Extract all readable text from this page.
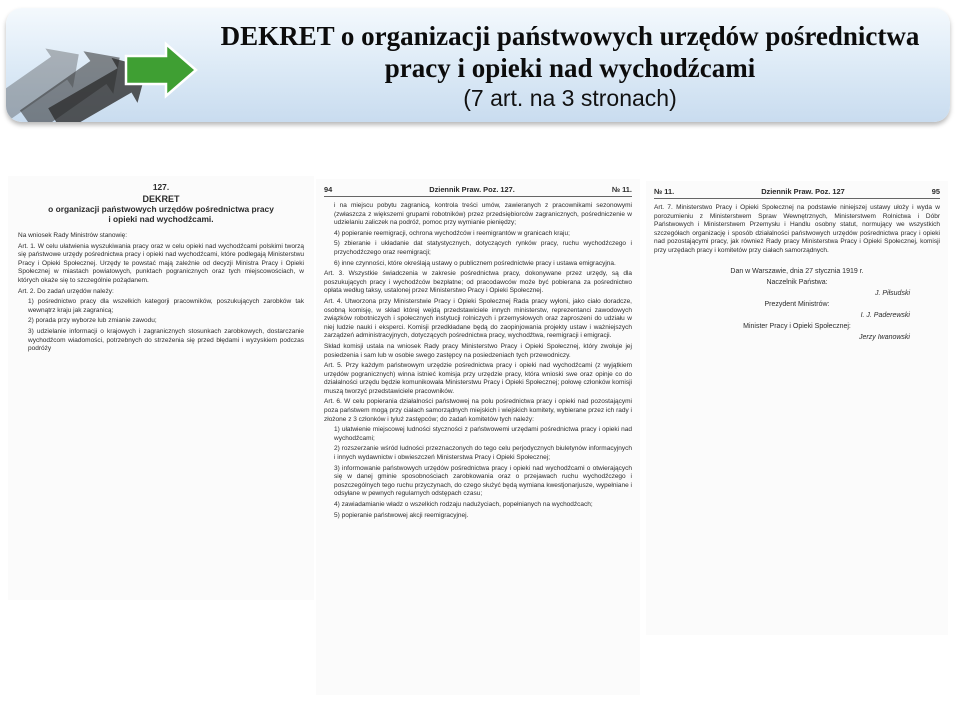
DEKRET o organizacji państwowych urzędów pośrednictwa pracy i opieki nad wychodźcami
(7 art. na 3 stronach)
127.
DEKRET
o organizacji państwowych urzędów pośrednictwa pracy
i opieki nad wychodźcami.
Na wniosek Rady Ministrów stanowię:
Art. 1. W celu ułatwienia wyszukiwania pracy oraz w celu opieki nad wychodźcami polskimi tworzą się państwowe urzędy pośrednictwa pracy i opieki nad wychodźcami, które podlegają Ministerstwu Pracy i Opieki Społecznej. Urzędy te powstać mają zależnie od decyzji Ministra Pracy i Opieki Społecznej w miastach powiatowych, punktach pogranicznych oraz tych miejscowościach, w których okaże się to szczególnie pożądanem.
Art. 2. Do zadań urzędów należy:
1) pośrednictwo pracy dla wszelkich kategorji pracowników, poszukujących zarobków tak wewnątrz kraju jak zagranicą;
2) porada przy wyborze lub zmianie zawodu;
3) udzielanie informacji o krajowych i zagranicznych stosunkach zarobkowych, dostarczanie wychodźcom wiadomości, potrzebnych do strzeżenia się przed błędami i wyzyskiem podczas podróży
94	Dziennik Praw. Poz. 127.	№ 11.
i na miejscu pobytu zagranicą, kontrola treści umów, zawieranych z pracownikami sezonowymi (zwłaszcza z większemi grupami robotników) przez przedsiębiorców zagranicznych, pośredniczenie w udzielaniu zaliczek na podróż, pomoc przy wymianie pieniędzy;
4) popieranie reemigracji, ochrona wychodźców i reemigrantów w granicach kraju;
5) zbieranie i układanie dat statystycznych, dotyczących rynków pracy, ruchu wychodźczego i przychodźczego oraz reemigracji;
6) inne czynności, które określają ustawy o publicznem pośrednictwie pracy i ustawa emigracyjna.
Art. 3. Wszystkie świadczenia w zakresie pośrednictwa pracy, dokonywane przez urzędy, są dla poszukujących pracy i wychodźców bezpłatne; od pracodawców może być pobierana za pośrednictwo opłata według taksy, ustalonej przez Ministerstwo Pracy i Opieki Społecznej.
Art. 4. Utworzona przy Ministerstwie Pracy i Opieki Społecznej Rada pracy wyłoni, jako ciało doradcze, osobną komisję, w skład której wejdą przedstawiciele innych ministerstw, reprezentanci zawodowych związków robotniczych i społecznych instytucji rolniczych i przemysłowych oraz zaproszeni do udziału w niej ludzie nauki i eksperci. Komisji przedkładane będą do zaopinjowania projekty ustaw i ważniejszych zarządzeń administracyjnych, dotyczących pośrednictwa pracy, wychodźtwa, reemigracji i emigracji.
Skład komisji ustala na wniosek Rady pracy Ministerstwo Pracy i Opieki Społecznej, który zwołuje jej posiedzenia i sam lub w osobie swego zastępcy na posiedzeniach tych przewodniczy.
Art. 5. Przy każdym państwowym urzędzie pośrednictwa pracy i opieki nad wychodźcami (z wyjątkiem urzędów pogranicznych) winna istnieć komisja przy urzędzie pracy, która wnioski swe oraz opinje co do działalności urzędu będzie komunikowała Ministerstwu Pracy i Opieki Społecznej; połowę członków komisji muszą tworzyć przedstawiciele pracowników.
Art. 6. W celu popierania działalności państwowej na polu pośrednictwa pracy i opieki nad pozostającymi poza państwem mogą przy ciałach samorządnych miejskich i wiejskich komitety, wybierane przez ich rady i złożone z 3 członków i tyluż zastępców; do zadań komitetów tych należy:
1) ułatwienie miejscowej ludności styczności z państwowemi urzędami pośrednictwa pracy i opieki nad wychodźcami;
2) rozszerzanie wśród ludności przeznaczonych do tego celu perjodycznych biuletynów informacyjnych i innych wydawnictw i obwieszczeń Ministerstwa Pracy i Opieki Społecznej;
3) informowanie państwowych urzędów pośrednictwa pracy i opieki nad wychodźcami o otwierających się w danej gminie sposobnościach zarobkowania oraz o przejawach ruchu wychodźczego i poszczególnych tego ruchu przyczynach, do czego służyć będą wymiana kwestjonarjusze, wypełniane i odsyłane w pewnych regularnych odstępach czasu;
4) zawiadamianie władz o wszelkich rodzaju nadużyciach, popełnianych na wychodźcach;
5) popieranie państwowej akcji reemigracyjnej.
№ 11.	Dziennik Praw. Poz. 127	95
Art. 7. Ministerstwo Pracy i Opieki Społecznej na podstawie niniejszej ustawy ułoży i wyda w porozumieniu z Ministerstwem Spraw Wewnętrznych, Ministerstwem Rolnictwa i Dóbr Państwowych i Ministerstwem Przemysłu i Handlu osobny statut, normujący we wszystkich szczegółach organizację i sposób działalności państwowych urzędów pośrednictwa pracy i opieki nad pozostającymi pracy, jak również Rady pracy Ministerstwa Pracy i Opieki Społecznej, komisji przy urzędach pracy i komitetów przy ciałach samorządnych.
Dan w Warszawie, dnia 27 stycznia 1919 r.
Naczelnik Państwa:
J. Piłsudski
Prezydent Ministrów:
I. J. Paderewski
Minister Pracy i Opieki Społecznej:
Jerzy Iwanowski
